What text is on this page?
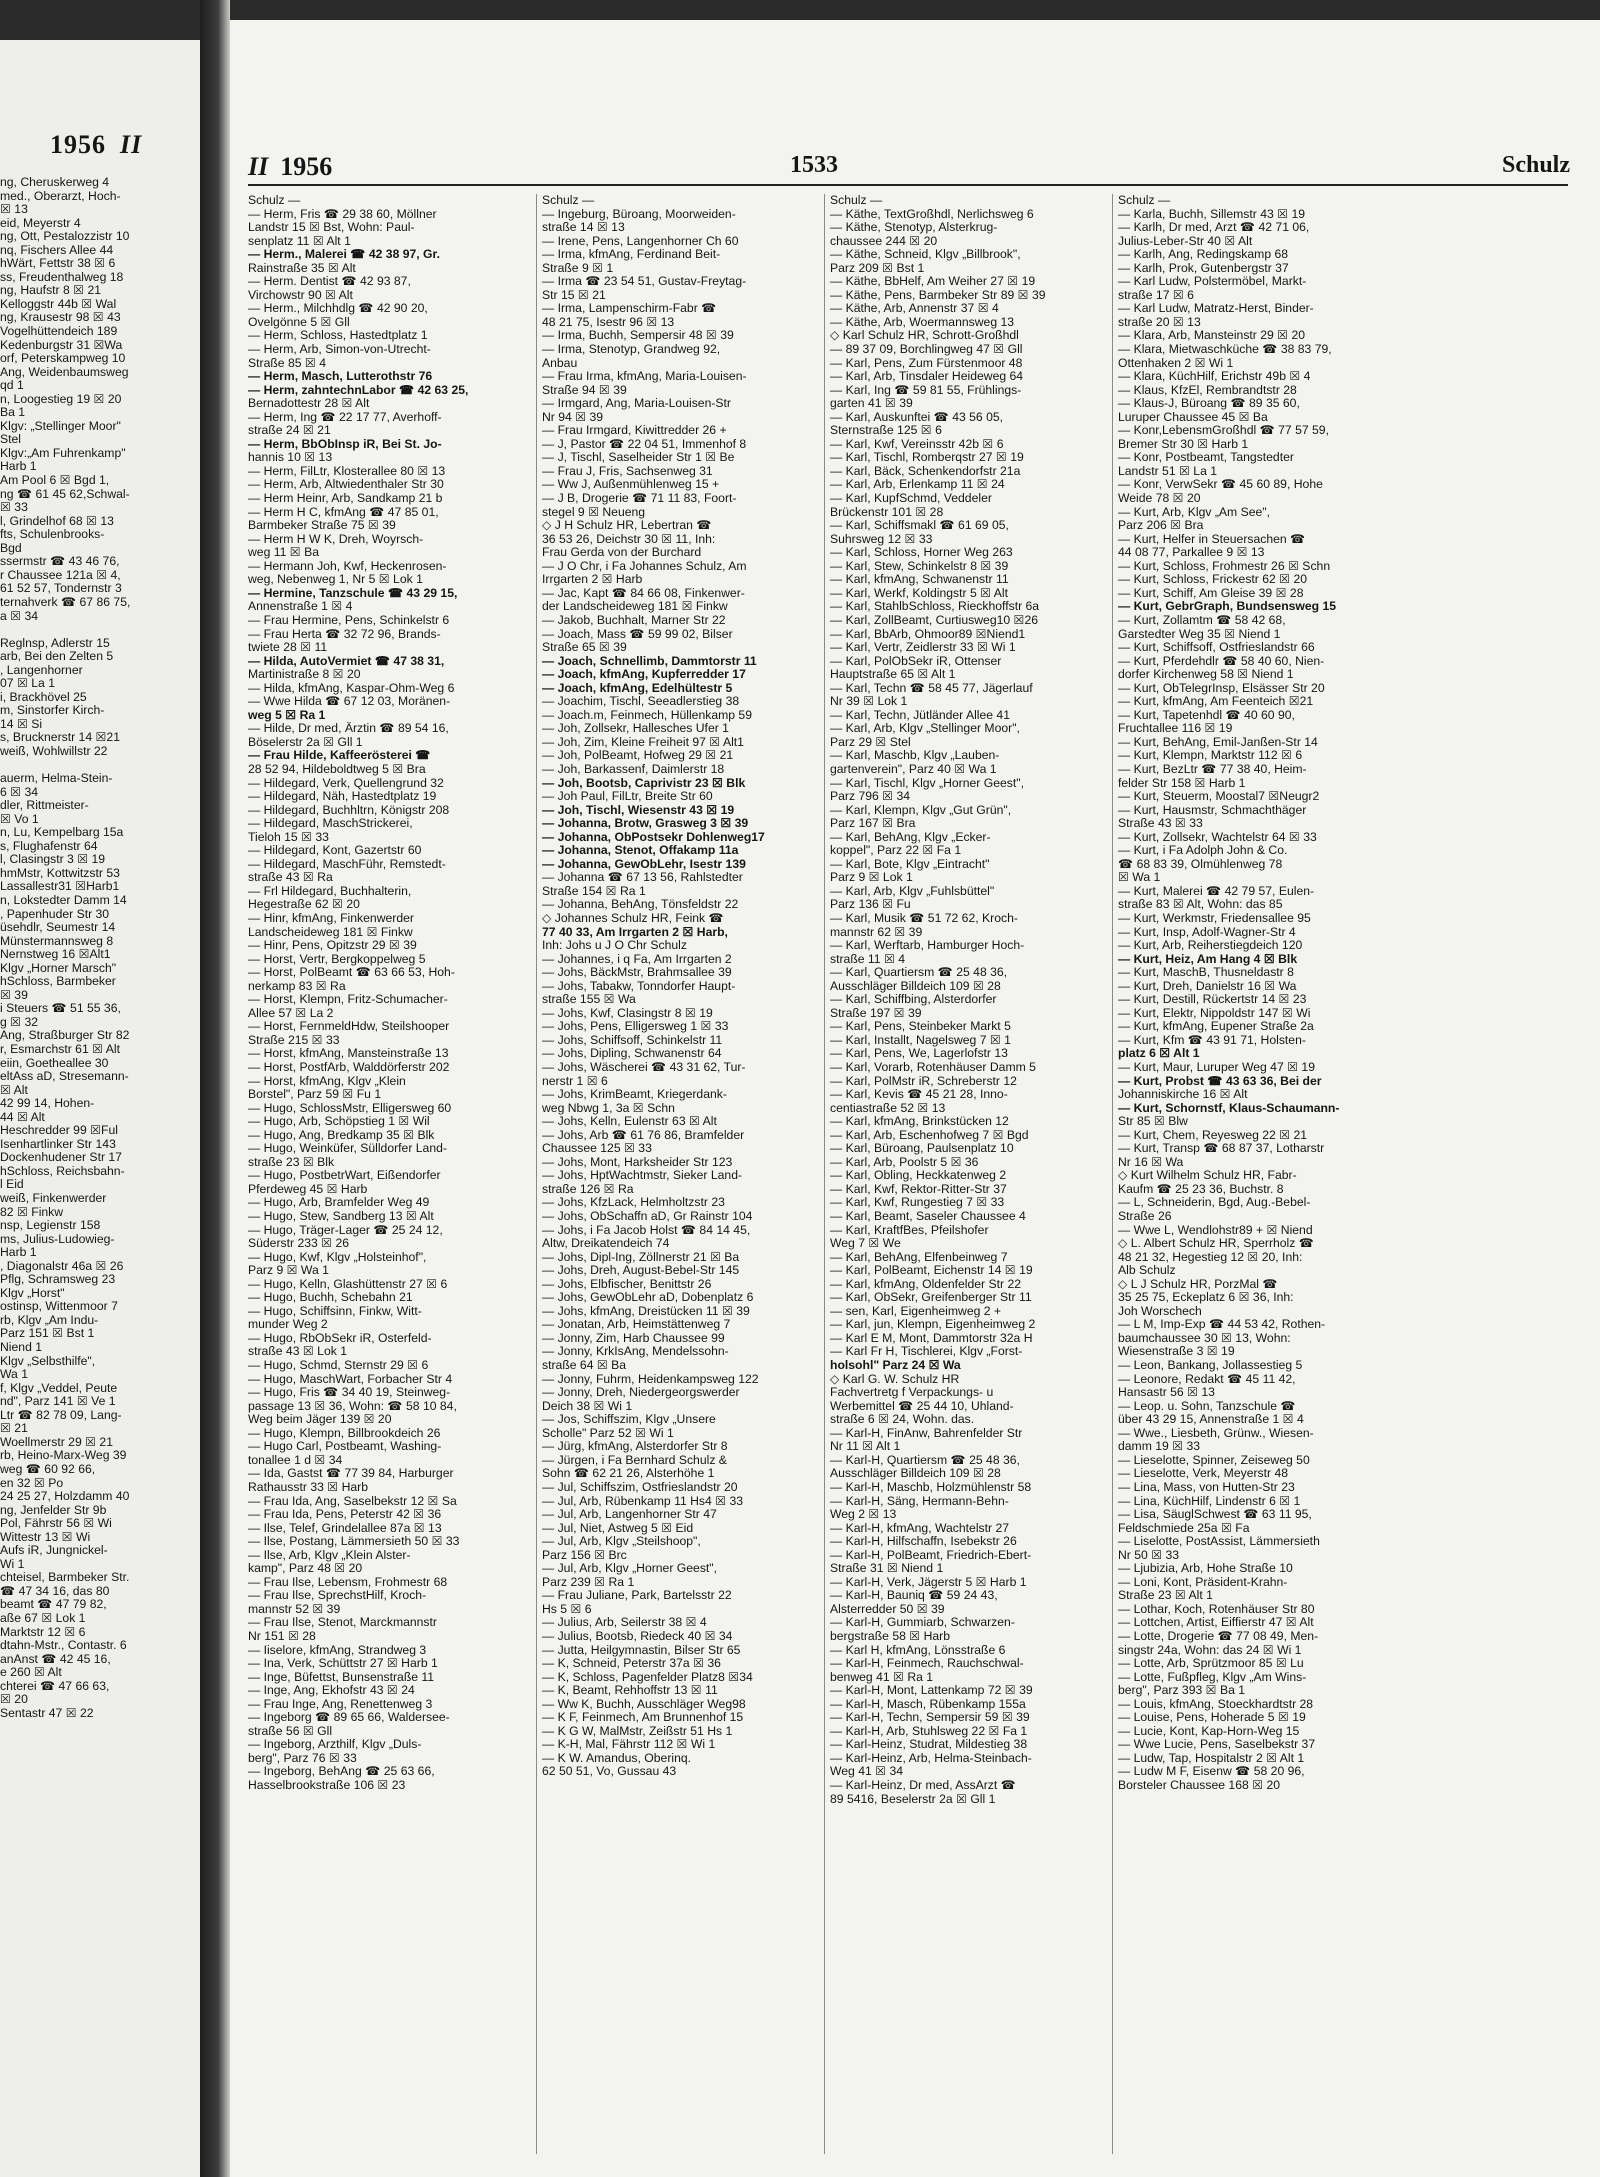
1956 II
ng, Cheruskerweg 4
med., Oberarzt, Hoch-
☒ 13
eid, Meyerstr 4
ng, Ott, Pestalozzistr 10
nq, Fischers Allee 44
hWärt, Fettstr 38 ☒ 6
ss, Freudenthalweg 18
ng, Haufstr 8 ☒ 21
Kelloggstr 44b ☒ Wal
ng, Krausestr 98 ☒ 43
Vogelhüttendeich 189
Kedenburgstr 31 ☒Wa
orf, Peterskampweg 10
Ang, Weidenbaumsweg
qd 1
n, Loogestieg 19 ☒ 20
Ba 1
Klgv: „Stellinger Moor"
Stel
Klgv:„Am Fuhrenkamp"
Harb 1
Am Pool 6 ☒ Bgd 1,
ng ☎ 61 45 62,Schwal-
☒ 33
l, Grindelhof 68 ☒ 13
fts, Schulenbrooks-
Bgd
ssermstr ☎ 43 46 76,
r Chaussee 121a ☒ 4,
61 52 57, Tondernstr 3
ternahverk ☎ 67 86 75,
a ☒ 34

Reglnsp, Adlerstr 15
arb, Bei den Zelten 5
, Langenhorner
07 ☒ La 1
i, Brackhövel 25
m, Sinstorfer Kirch-
14 ☒ Si
s, Brucknerstr 14 ☒21
weiß, Wohlwillstr 22

auerm, Helma-Stein-
6 ☒ 34
dler, Rittmeister-
☒ Vo 1
n, Lu, Kempelbarg 15a
s, Flughafenstr 64
l, Clasingstr 3 ☒ 19
hmMstr, Kottwitzstr 53
Lassallestr31 ☒Harb1
n, Lokstedter Damm 14
, Papenhuder Str 30
üsehdlr, Seumestr 14
Münstermannsweg 8
Nernstweg 16 ☒Alt1
Klgv „Horner Marsch"
hSchloss, Barmbeker
☒ 39
i Steuers ☎ 51 55 36,
g ☒ 32
Ang, Straßburger Str 82
r, Esmarchstr 61 ☒ Alt
eiin, Goetheallee 30
eltAss aD, Stresemann-
☒ Alt
42 99 14, Hohen-
44 ☒ Alt
Heschredder 99 ☒Ful
Isenhartlinker Str 143
Dockenhudener Str 17
hSchloss, Reichsbahn-
l Eid
weiß, Finkenwerder
82 ☒ Finkw
nsp, Legienstr 158
ms, Julius-Ludowieg-
Harb 1
, Diagonalstr 46a ☒ 26
Pflg, Schramsweg 23
Klgv „Horst"
ostinsp, Wittenmoor 7
rb, Klgv „Am Indu-
Parz 151 ☒ Bst 1
Niend 1
Klgv „Selbsthilfe",
Wa 1
f, Klgv „Veddel, Peute
nd", Parz 141 ☒ Ve 1
Ltr ☎ 82 78 09, Lang-
☒ 21
Woellmerstr 29 ☒ 21
rb, Heino-Marx-Weg 39
weg ☎ 60 92 66,
en 32 ☒ Po
24 25 27, Holzdamm 40
ng, Jenfelder Str 9b
Pol, Fährstr 56 ☒ Wi
Wittestr 13 ☒ Wi
Aufs iR, Jungnickel-
Wi 1
chteisel, Barmbeker Str.
☎ 47 34 16, das 80
beamt ☎ 47 79 82,
aße 67 ☒ Lok 1
Marktstr 12 ☒ 6
dtahn-Mstr., Contastr. 6
anAnst ☎ 42 45 16,
e 260 ☒ Alt
chterei ☎ 47 66 63,
☒ 20
Sentastr 47 ☒ 22
II 1956	1533	Schulz
Schulz —
— Herm, Fris ☎ 29 38 60, Möllner
Landstr 15 ☒ Bst, Wohn: Paul-
senplatz 11 ☒ Alt 1
— Herm., Malerei ☎ 42 38 97, Gr.
Rainstraße 35 ☒ Alt
— Herm. Dentist ☎ 42 93 87,
Virchowstr 90 ☒ Alt
— Herm., Milchhdlg ☎ 42 90 20,
Ovelgönne 5 ☒ Gll
— Herm, Schloss, Hastedtplatz 1
— Herm, Arb, Simon-von-Utrecht-
Straße 85 ☒ 4
— Herm, Masch, Lutterothstr 76
— Herm, zahntechnLabor ☎ 42 63 25,
Bernadottestr 28 ☒ Alt
— Herm, Ing ☎ 22 17 77, Averhoff-
straße 24 ☒ 21
— Herm, BbObInsp iR, Bei St. Jo-
hannis 10 ☒ 13
— Herm, FilLtr, Klosterallee 80 ☒ 13
— Herm, Arb, Altwiedenthaler Str 30
— Herm Heinr, Arb, Sandkamp 21 b
— Herm H C, kfmAng ☎ 47 85 01,
Barmbeker Straße 75 ☒ 39
— Herm H W K, Dreh, Woyrsch-
weg 11 ☒ Ba
— Hermann Joh, Kwf, Heckenrosen-
weg, Nebenweg 1, Nr 5 ☒ Lok 1
— Hermine, Tanzschule ☎ 43 29 15,
Annenstraße 1 ☒ 4
— Frau Hermine, Pens, Schinkelstr 6
— Frau Herta ☎ 32 72 96, Brands-
twiete 28 ☒ 11
— Hilda, AutoVermiet ☎ 47 38 31,
Martinistraße 8 ☒ 20
— Hilda, kfmAng, Kaspar-Ohm-Weg 6
— Wwe Hilda ☎ 67 12 03, Moränen-
weg 5 ☒ Ra 1
— Hilde, Dr med, Ärztin ☎ 89 54 16,
Böselerstr 2a ☒ Gll 1
— Frau Hilde, Kaffeerösterei ☎
28 52 94, Hildeboldtweg 5 ☒ Bra
— Hildegard, Verk, Quellengrund 32
— Hildegard, Näh, Hastedtplatz 19
— Hildegard, Buchhltrn, Königstr 208
— Hildegard, MaschStrickerei,
Tieloh 15 ☒ 33
— Hildegard, Kont, Gazertstr 60
— Hildegard, MaschFühr, Remstedt-
straße 43 ☒ Ra
— Frl Hildegard, Buchhalterin,
Hegestraße 62 ☒ 20
— Hinr, kfmAng, Finkenwerder
Landscheideweg 181 ☒ Finkw
— Hinr, Pens, Opitzstr 29 ☒ 39
— Horst, Vertr, Bergkoppelweg 5
— Horst, PolBeamt ☎ 63 66 53, Hoh-
nerkamp 83 ☒ Ra
— Horst, Klempn, Fritz-Schumacher-
Allee 57 ☒ La 2
— Horst, FernmeldHdw, Steilshooper
Straße 215 ☒ 33
— Horst, kfmAng, Mansteinstraße 13
— Horst, PostfArb, Walddörferstr 202
— Horst, kfmAng, Klgv „Klein
Borstel", Parz 59 ☒ Fu 1
— Hugo, SchlossMstr, Elligersweg 60
— Hugo, Arb, Schöpstieg 1 ☒ Wil
— Hugo, Ang, Bredkamp 35 ☒ Blk
— Hugo, Weinküfer, Sülldorfer Land-
straße 23 ☒ Blk
— Hugo, PostbetrWart, Eißendorfer
Pferdeweg 45 ☒ Harb
— Hugo, Arb, Bramfelder Weg 49
— Hugo, Stew, Sandberg 13 ☒ Alt
— Hugo, Träger-Lager ☎ 25 24 12,
Süderstr 233 ☒ 26
— Hugo, Kwf, Klgv „Holsteinhof",
Parz 9 ☒ Wa 1
— Hugo, Kelln, Glashüttenstr 27 ☒ 6
— Hugo, Buchh, Schebahn 21
— Hugo, Schiffsinn, Finkw, Witt-
munder Weg 2
— Hugo, RbObSekr iR, Osterfeld-
straße 43 ☒ Lok 1
— Hugo, Schmd, Sternstr 29 ☒ 6
— Hugo, MaschWart, Forbacher Str 4
— Hugo, Fris ☎ 34 40 19, Steinweg-
passage 13 ☒ 36, Wohn: ☎ 58 10 84,
Weg beim Jäger 139 ☒ 20
— Hugo, Klempn, Billbrookdeich 26
— Hugo Carl, Postbeamt, Washing-
tonallee 1 d ☒ 34
— Ida, Gastst ☎ 77 39 84, Harburger
Rathausstr 33 ☒ Harb
— Frau Ida, Ang, Saselbekstr 12 ☒ Sa
— Frau Ida, Pens, Peterstr 42 ☒ 36
— Ilse, Telef, Grindelallee 87a ☒ 13
— Ilse, Postang, Lämmersieth 50 ☒ 33
— Ilse, Arb, Klgv „Klein Alster-
kamp", Parz 48 ☒ 20
— Frau Ilse, Lebensm, Frohmestr 68
— Frau Ilse, SprechstHilf, Kroch-
mannstr 52 ☒ 39
— Frau Ilse, Stenot, Marckmannstr
Nr 151 ☒ 28
— Iiselore, kfmAng, Strandweg 3
— Ina, Verk, Schüttstr 27 ☒ Harb 1
— Inge, Büfettst, Bunsenstraße 11
— Inge, Ang, Ekhofstr 43 ☒ 24
— Frau Inge, Ang, Renettenweg 3
— Ingeborg ☎ 89 65 66, Waldersee-
straße 56 ☒ Gll
— Ingeborg, Arzthilf, Klgv „Duls-
berg", Parz 76 ☒ 33
— Ingeborg, BehAng ☎ 25 63 66,
Hasselbrookstraße 106 ☒ 23
Schulz —
— Ingeburg, Büroang, Moorweiden-
straße 14 ☒ 13
— Irene, Pens, Langenhorner Ch 60
— Irma, kfmAng, Ferdinand Beit-
Straße 9 ☒ 1
— Irma ☎ 23 54 51, Gustav-Freytag-
Str 15 ☒ 21
— Irma, Lampenschirm-Fabr ☎
48 21 75, Isestr 96 ☒ 13
— Irma, Buchh, Sempersir 48 ☒ 39
— Irma, Stenotyp, Grandweg 92,
Anbau
— Frau Irma, kfmAng, Maria-Louisen-
Straße 94 ☒ 39
— Irmgard, Ang, Maria-Louisen-Str
Nr 94 ☒ 39
— Frau Irmgard, Kiwittredder 26 +
— J, Pastor ☎ 22 04 51, Immenhof 8
— J, Tischl, Saselheider Str 1 ☒ Be
— Frau J, Fris, Sachsenweg 31
— Ww J, Außenmühlenweg 15 +
— J B, Drogerie ☎ 71 11 83, Foort-
stegel 9 ☒ Neueng
◇ J H Schulz HR, Lebertran ☎
36 53 26, Deichstr 30 ☒ 11, Inh:
Frau Gerda von der Burchard
— J O Chr, i Fa Johannes Schulz, Am
Irrgarten 2 ☒ Harb
— Jac, Kapt ☎ 84 66 08, Finkenwer-
der Landscheideweg 181 ☒ Finkw
— Jakob, Buchhalt, Marner Str 22
— Joach, Mass ☎ 59 99 02, Bilser
Straße 65 ☒ 39
— Joach, Schnellimb, Dammtorstr 11
— Joach, kfmAng, Kupferredder 17
— Joach, kfmAng, Edelhültestr 5
— Joachim, Tischl, Seeadlerstieg 38
— Joach.m, Feinmech, Hüllenkamp 59
— Joh, Zollsekr, Hallesches Ufer 1
— Joh, Zim, Kleine Freiheit 97 ☒ Alt1
— Joh, PolBeamt, Hofweg 29 ☒ 21
— Joh, Barkassenf, Daimlerstr 18
— Joh, Bootsb, Caprivistr 23 ☒ Blk
— Joh Paul, FilLtr, Breite Str 60
— Joh, Tischl, Wiesenstr 43 ☒ 19
— Johanna, Brotw, Grasweg 3 ☒ 39
— Johanna, ObPostsekr Dohlenweg17
— Johanna, Stenot, Offakamp 11a
— Johanna, GewObLehr, Isestr 139
— Johanna ☎ 67 13 56, Rahlstedter
Straße 154 ☒ Ra 1
— Johanna, BehAng, Tönsfeldstr 22
◇ Johannes Schulz HR, Feink ☎
77 40 33, Am Irrgarten 2 ☒ Harb,
Inh: Johs u J O Chr Schulz
— Johannes, i q Fa, Am Irrgarten 2
— Johs, BäckMstr, Brahmsallee 39
— Johs, Tabakw, Tonndorfer Haupt-
straße 155 ☒ Wa
— Johs, Kwf, Clasingstr 8 ☒ 19
— Johs, Pens, Elligersweg 1 ☒ 33
— Johs, Schiffsoff, Schinkelstr 11
— Johs, Dipling, Schwanenstr 64
— Johs, Wäscherei ☎ 43 31 62, Tur-
nerstr 1 ☒ 6
— Johs, KrimBeamt, Kriegerdank-
weg Nbwg 1, 3a ☒ Schn
— Johs, Kelln, Eulenstr 63 ☒ Alt
— Johs, Arb ☎ 61 76 86, Bramfelder
Chaussee 125 ☒ 33
— Johs, Mont, Harksheider Str 123
— Johs, HptWachtmstr, Sieker Land-
straße 126 ☒ Ra
— Johs, KfzLack, Helmholtzstr 23
— Johs, ObSchaffn aD, Gr Rainstr 104
— Johs, i Fa Jacob Holst ☎ 84 14 45,
Altw, Dreikatendeich 74
— Johs, Dipl-Ing, Zöllnerstr 21 ☒ Ba
— Johs, Dreh, August-Bebel-Str 145
— Johs, Elbfischer, Benittstr 26
— Johs, GewObLehr aD, Dobenplatz 6
— Johs, kfmAng, Dreistücken 11 ☒ 39
— Jonatan, Arb, Heimstättenweg 7
— Jonny, Zim, Harb Chaussee 99
— Jonny, KrkIsAng, Mendelssohn-
straße 64 ☒ Ba
— Jonny, Fuhrm, Heidenkampsweg 122
— Jonny, Dreh, Niedergeorgswerder
Deich 38 ☒ Wi 1
— Jos, Schiffszim, Klgv „Unsere
Scholle" Parz 52 ☒ Wi 1
— Jürg, kfmAng, Alsterdorfer Str 8
— Jürgen, i Fa Bernhard Schulz &
Sohn ☎ 62 21 26, Alsterhöhe 1
— Jul, Schiffszim, Ostfrieslandstr 20
— Jul, Arb, Rübenkamp 11 Hs4 ☒ 33
— Jul, Arb, Langenhorner Str 47
— Jul, Niet, Astweg 5 ☒ Eid
— Jul, Arb, Klgv „Steilshoop",
Parz 156 ☒ Brc
— Jul, Arb, Klgv „Horner Geest",
Parz 239 ☒ Ra 1
— Frau Juliane, Park, Bartelsstr 22
Hs 5 ☒ 6
— Julius, Arb, Seilerstr 38 ☒ 4
— Julius, Bootsb, Riedeck 40 ☒ 34
— Jutta, Heilgymnastin, Bilser Str 65
— K, Schneid, Peterstr 37a ☒ 36
— K, Schloss, Pagenfelder Platz8 ☒34
— K, Beamt, Rehhoffstr 13 ☒ 11
— Ww K, Buchh, Ausschläger Weg98
— K F, Feinmech, Am Brunnenhof 15
— K G W, MalMstr, Zeißstr 51 Hs 1
— K-H, Mal, Fährstr 112 ☒ Wi 1
— K W. Amandus, Oberinq.
62 50 51, Vo, Gussau 43
Schulz —
— Käthe, TextGroßhdl, Nerlichsweg 6
— Käthe, Stenotyp, Alsterkrug-
chaussee 244 ☒ 20
— Käthe, Schneid, Klgv „Billbrook",
Parz 209 ☒ Bst 1
— Käthe, BbHelf, Am Weiher 27 ☒ 19
— Käthe, Pens, Barmbeker Str 89 ☒ 39
— Käthe, Arb, Annenstr 37 ☒ 4
— Käthe, Arb, Woermannsweg 13
◇ Karl Schulz HR, Schrott-Großhdl
— 89 37 09, Borchlingweg 47 ☒ Gll
— Karl, Pens, Zum Fürstenmoor 48
— Karl, Arb, Tinsdaler Heideweg 64
— Karl, Ing ☎ 59 81 55, Frühlings-
garten 41 ☒ 39
— Karl, Auskunftei ☎ 43 56 05,
Sternstraße 125 ☒ 6
— Karl, Kwf, Vereinsstr 42b ☒ 6
— Karl, Tischl, Romberqstr 27 ☒ 19
— Karl, Bäck, Schenkendorfstr 21a
— Karl, Arb, Erlenkamp 11 ☒ 24
— Karl, KupfSchmd, Veddeler
Brückenstr 101 ☒ 28
— Karl, Schiffsmakl ☎ 61 69 05,
Suhrsweg 12 ☒ 33
— Karl, Schloss, Horner Weg 263
— Karl, Stew, Schinkelstr 8 ☒ 39
— Karl, kfmAng, Schwanenstr 11
— Karl, Werkf, Koldingstr 5 ☒ Alt
— Karl, StahlbSchloss, Rieckhoffstr 6a
— Karl, ZollBeamt, Curtiusweg10 ☒26
— Karl, BbArb, Ohmoor89 ☒Niend1
— Karl, Vertr, Zeidlerstr 33 ☒ Wi 1
— Karl, PolObSekr iR, Ottenser
Hauptstraße 65 ☒ Alt 1
— Karl, Techn ☎ 58 45 77, Jägerlauf
Nr 39 ☒ Lok 1
— Karl, Techn, Jütländer Allee 41
— Karl, Arb, Klgv „Stellinger Moor",
Parz 29 ☒ Stel
— Karl, Maschb, Klgv „Lauben-
gartenverein", Parz 40 ☒ Wa 1
— Karl, Tischl, Klgv „Horner Geest",
Parz 796 ☒ 34
— Karl, Klempn, Klgv „Gut Grün",
Parz 167 ☒ Bra
— Karl, BehAng, Klgv „Ecker-
koppel", Parz 22 ☒ Fa 1
— Karl, Bote, Klgv „Eintracht"
Parz 9 ☒ Lok 1
— Karl, Arb, Klgv „Fuhlsbüttel"
Parz 136 ☒ Fu
— Karl, Musik ☎ 51 72 62, Kroch-
mannstr 62 ☒ 39
— Karl, Werftarb, Hamburger Hoch-
straße 11 ☒ 4
— Karl, Quartiersm ☎ 25 48 36,
Ausschläger Billdeich 109 ☒ 28
— Karl, Schiffbing, Alsterdorfer
Straße 197 ☒ 39
— Karl, Pens, Steinbeker Markt 5
— Karl, Installt, Nagelsweg 7 ☒ 1
— Karl, Pens, We, Lagerlofstr 13
— Karl, Vorarb, Rotenhäuser Damm 5
— Karl, PolMstr iR, Schreberstr 12
— Karl, Kevis ☎ 45 21 28, Inno-
centiastraße 52 ☒ 13
— Karl, kfmAng, Brinkstücken 12
— Karl, Arb, Eschenhofweg 7 ☒ Bgd
— Karl, Büroang, Paulsenplatz 10
— Karl, Arb, Poolstr 5 ☒ 36
— Karl, Obling, Heckkatenweg 2
— Karl, Kwf, Rektor-Ritter-Str 37
— Karl, Kwf, Rungestieg 7 ☒ 33
— Karl, Beamt, Saseler Chaussee 4
— Karl, KraftfBes, Pfeilshofer
Weg 7 ☒ We
— Karl, BehAng, Elfenbeinweg 7
— Karl, PolBeamt, Eichenstr 14 ☒ 19
— Karl, kfmAng, Oldenfelder Str 22
— Karl, ObSekr, Greifenberger Str 11
— sen, Karl, Eigenheimweg 2 +
— Karl, jun, Klempn, Eigenheimweg 2
— Karl E M, Mont, Dammtorstr 32a H
— Karl Fr H, Tischlerei, Klgv „Forst-
holsohl" Parz 24 ☒ Wa
◇ Karl G. W. Schulz HR
Fachvertretg f Verpackungs- u
Werbemittel ☎ 25 44 10, Uhland-
straße 6 ☒ 24, Wohn. das.
— Karl-H, FinAnw, Bahrenfelder Str
Nr 11 ☒ Alt 1
— Karl-H, Quartiersm ☎ 25 48 36,
Ausschläger Billdeich 109 ☒ 28
— Karl-H, Maschb, Holzmühlenstr 58
— Karl-H, Säng, Hermann-Behn-
Weg 2 ☒ 13
— Karl-H, kfmAng, Wachtelstr 27
— Karl-H, Hilfschaffn, Isebekstr 26
— Karl-H, PolBeamt, Friedrich-Ebert-
Straße 31 ☒ Niend 1
— Karl-H, Verk, Jägerstr 5 ☒ Harb 1
— Karl-H, Bauniq ☎ 59 24 43,
Alsterredder 50 ☒ 39
— Karl-H, Gummiarb, Schwarzen-
bergstraße 58 ☒ Harb
— Karl H, kfmAng, Lönsstraße 6
— Karl-H, Feinmech, Rauchschwal-
benweg 41 ☒ Ra 1
— Karl-H, Mont, Lattenkamp 72 ☒ 39
— Karl-H, Masch, Rübenkamp 155a
— Karl-H, Techn, Sempersir 59 ☒ 39
— Karl-H, Arb, Stuhlsweg 22 ☒ Fa 1
— Karl-Heinz, Studrat, Mildestieg 38
— Karl-Heinz, Arb, Helma-Steinbach-
Weg 41 ☒ 34
— Karl-Heinz, Dr med, AssArzt ☎
89 5416, Beselerstr 2a ☒ Gll 1
Schulz —
— Karla, Buchh, Sillemstr 43 ☒ 19
— Karlh, Dr med, Arzt ☎ 42 71 06,
Julius-Leber-Str 40 ☒ Alt
— Karlh, Ang, Redingskamp 68
— Karlh, Prok, Gutenbergstr 37
— Karl Ludw, Polstermöbel, Markt-
straße 17 ☒ 6
— Karl Ludw, Matratz-Herst, Binder-
straße 20 ☒ 13
— Klara, Arb, Mansteinstr 29 ☒ 20
— Klara, Mietwaschküche ☎ 38 83 79,
Ottenhaken 2 ☒ Wi 1
— Klara, KüchHilf, Erichstr 49b ☒ 4
— Klaus, KfzEl, Rembrandtstr 28
— Klaus-J, Büroang ☎ 89 35 60,
Luruper Chaussee 45 ☒ Ba
— Konr,LebensmGroßhdl ☎ 77 57 59,
Bremer Str 30 ☒ Harb 1
— Konr, Postbeamt, Tangstedter
Landstr 51 ☒ La 1
— Konr, VerwSekr ☎ 45 60 89, Hohe
Weide 78 ☒ 20
— Kurt, Arb, Klgv „Am See",
Parz 206 ☒ Bra
— Kurt, Helfer in Steuersachen ☎
44 08 77, Parkallee 9 ☒ 13
— Kurt, Schloss, Frohmestr 26 ☒ Schn
— Kurt, Schloss, Frickestr 62 ☒ 20
— Kurt, Schiff, Am Gleise 39 ☒ 28
— Kurt, GebrGraph, Bundsensweg 15
— Kurt, Zollamtm ☎ 58 42 68,
Garstedter Weg 35 ☒ Niend 1
— Kurt, Schiffsoff, Ostfrieslandstr 66
— Kurt, Pferdehdlr ☎ 58 40 60, Nien-
dorfer Kirchenweg 58 ☒ Niend 1
— Kurt, ObTelegrInsp, Elsässer Str 20
— Kurt, kfmAng, Am Feenteich ☒21
— Kurt, Tapetenhdl ☎ 40 60 90,
Fruchtallee 116 ☒ 19
— Kurt, BehAng, Emil-Janßen-Str 14
— Kurt, Klempn, Marktstr 112 ☒ 6
— Kurt, BezLtr ☎ 77 38 40, Heim-
felder Str 158 ☒ Harb 1
— Kurt, Steuerm, Moostal7 ☒Neugr2
— Kurt, Hausmstr, Schmachthäger
Straße 43 ☒ 33
— Kurt, Zollsekr, Wachtelstr 64 ☒ 33
— Kurt, i Fa Adolph John & Co.
☎ 68 83 39, Olmühlenweg 78
☒ Wa 1
— Kurt, Malerei ☎ 42 79 57, Eulen-
straße 83 ☒ Alt, Wohn: das 85
— Kurt, Werkmstr, Friedensallee 95
— Kurt, Insp, Adolf-Wagner-Str 4
— Kurt, Arb, Reiherstiegdeich 120
— Kurt, Heiz, Am Hang 4 ☒ Blk
— Kurt, MaschB, Thusneldastr 8
— Kurt, Dreh, Danielstr 16 ☒ Wa
— Kurt, Destill, Rückertstr 14 ☒ 23
— Kurt, Elektr, Nippoldstr 147 ☒ Wi
— Kurt, kfmAng, Eupener Straße 2a
— Kurt, Kfm ☎ 43 91 71, Holsten-
platz 6 ☒ Alt 1
— Kurt, Maur, Luruper Weg 47 ☒ 19
— Kurt, Probst ☎ 43 63 36, Bei der
Johanniskirche 16 ☒ Alt
— Kurt, Schornstf, Klaus-Schaumann-
Str 85 ☒ Blw
— Kurt, Chem, Reyesweg 22 ☒ 21
— Kurt, Transp ☎ 68 87 37, Lotharstr
Nr 16 ☒ Wa
◇ Kurt Wilhelm Schulz HR, Fabr-
Kaufm ☎ 25 23 36, Buchstr. 8
— L, Schneiderin, Bgd, Aug.-Bebel-
Straße 26
— Wwe L, Wendlohstr89 + ☒ Niend
◇ L. Albert Schulz HR, Sperrholz ☎
48 21 32, Hegestieg 12 ☒ 20, Inh:
Alb Schulz
◇ L J Schulz HR, PorzMal ☎
35 25 75, Eckeplatz 6 ☒ 36, Inh:
Joh Worschech
— L M, Imp-Exp ☎ 44 53 42, Rothen-
baumchaussee 30 ☒ 13, Wohn:
Wiesenstraße 3 ☒ 19
— Leon, Bankang, Jollassestieg 5
— Leonore, Redakt ☎ 45 11 42,
Hansastr 56 ☒ 13
— Leop. u. Sohn, Tanzschule ☎
über 43 29 15, Annenstraße 1 ☒ 4
— Wwe., Liesbeth, Grünw., Wiesen-
damm 19 ☒ 33
— Lieselotte, Spinner, Zeiseweg 50
— Lieselotte, Verk, Meyerstr 48
— Lina, Mass, von Hutten-Str 23
— Lina, KüchHilf, Lindenstr 6 ☒ 1
— Lisa, SäuglSchwest ☎ 63 11 95,
Feldschmiede 25a ☒ Fa
— Liselotte, PostAssist, Lämmersieth
Nr 50 ☒ 33
— Ljubizia, Arb, Hohe Straße 10
— Loni, Kont, Präsident-Krahn-
Straße 23 ☒ Alt 1
— Lothar, Koch, Rotenhäuser Str 80
— Lottchen, Artist, Eiffierstr 47 ☒ Alt
— Lotte, Drogerie ☎ 77 08 49, Men-
singstr 24a, Wohn: das 24 ☒ Wi 1
— Lotte, Arb, Sprützmoor 85 ☒ Lu
— Lotte, Fußpfleg, Klgv „Am Wins-
berg", Parz 393 ☒ Ba 1
— Louis, kfmAng, Stoeckhardtstr 28
— Louise, Pens, Hoherade 5 ☒ 19
— Lucie, Kont, Kap-Horn-Weg 15
— Wwe Lucie, Pens, Saselbekstr 37
— Ludw, Tap, Hospitalstr 2 ☒ Alt 1
— Ludw M F, Eisenw ☎ 58 20 96,
Borsteler Chaussee 168 ☒ 20
